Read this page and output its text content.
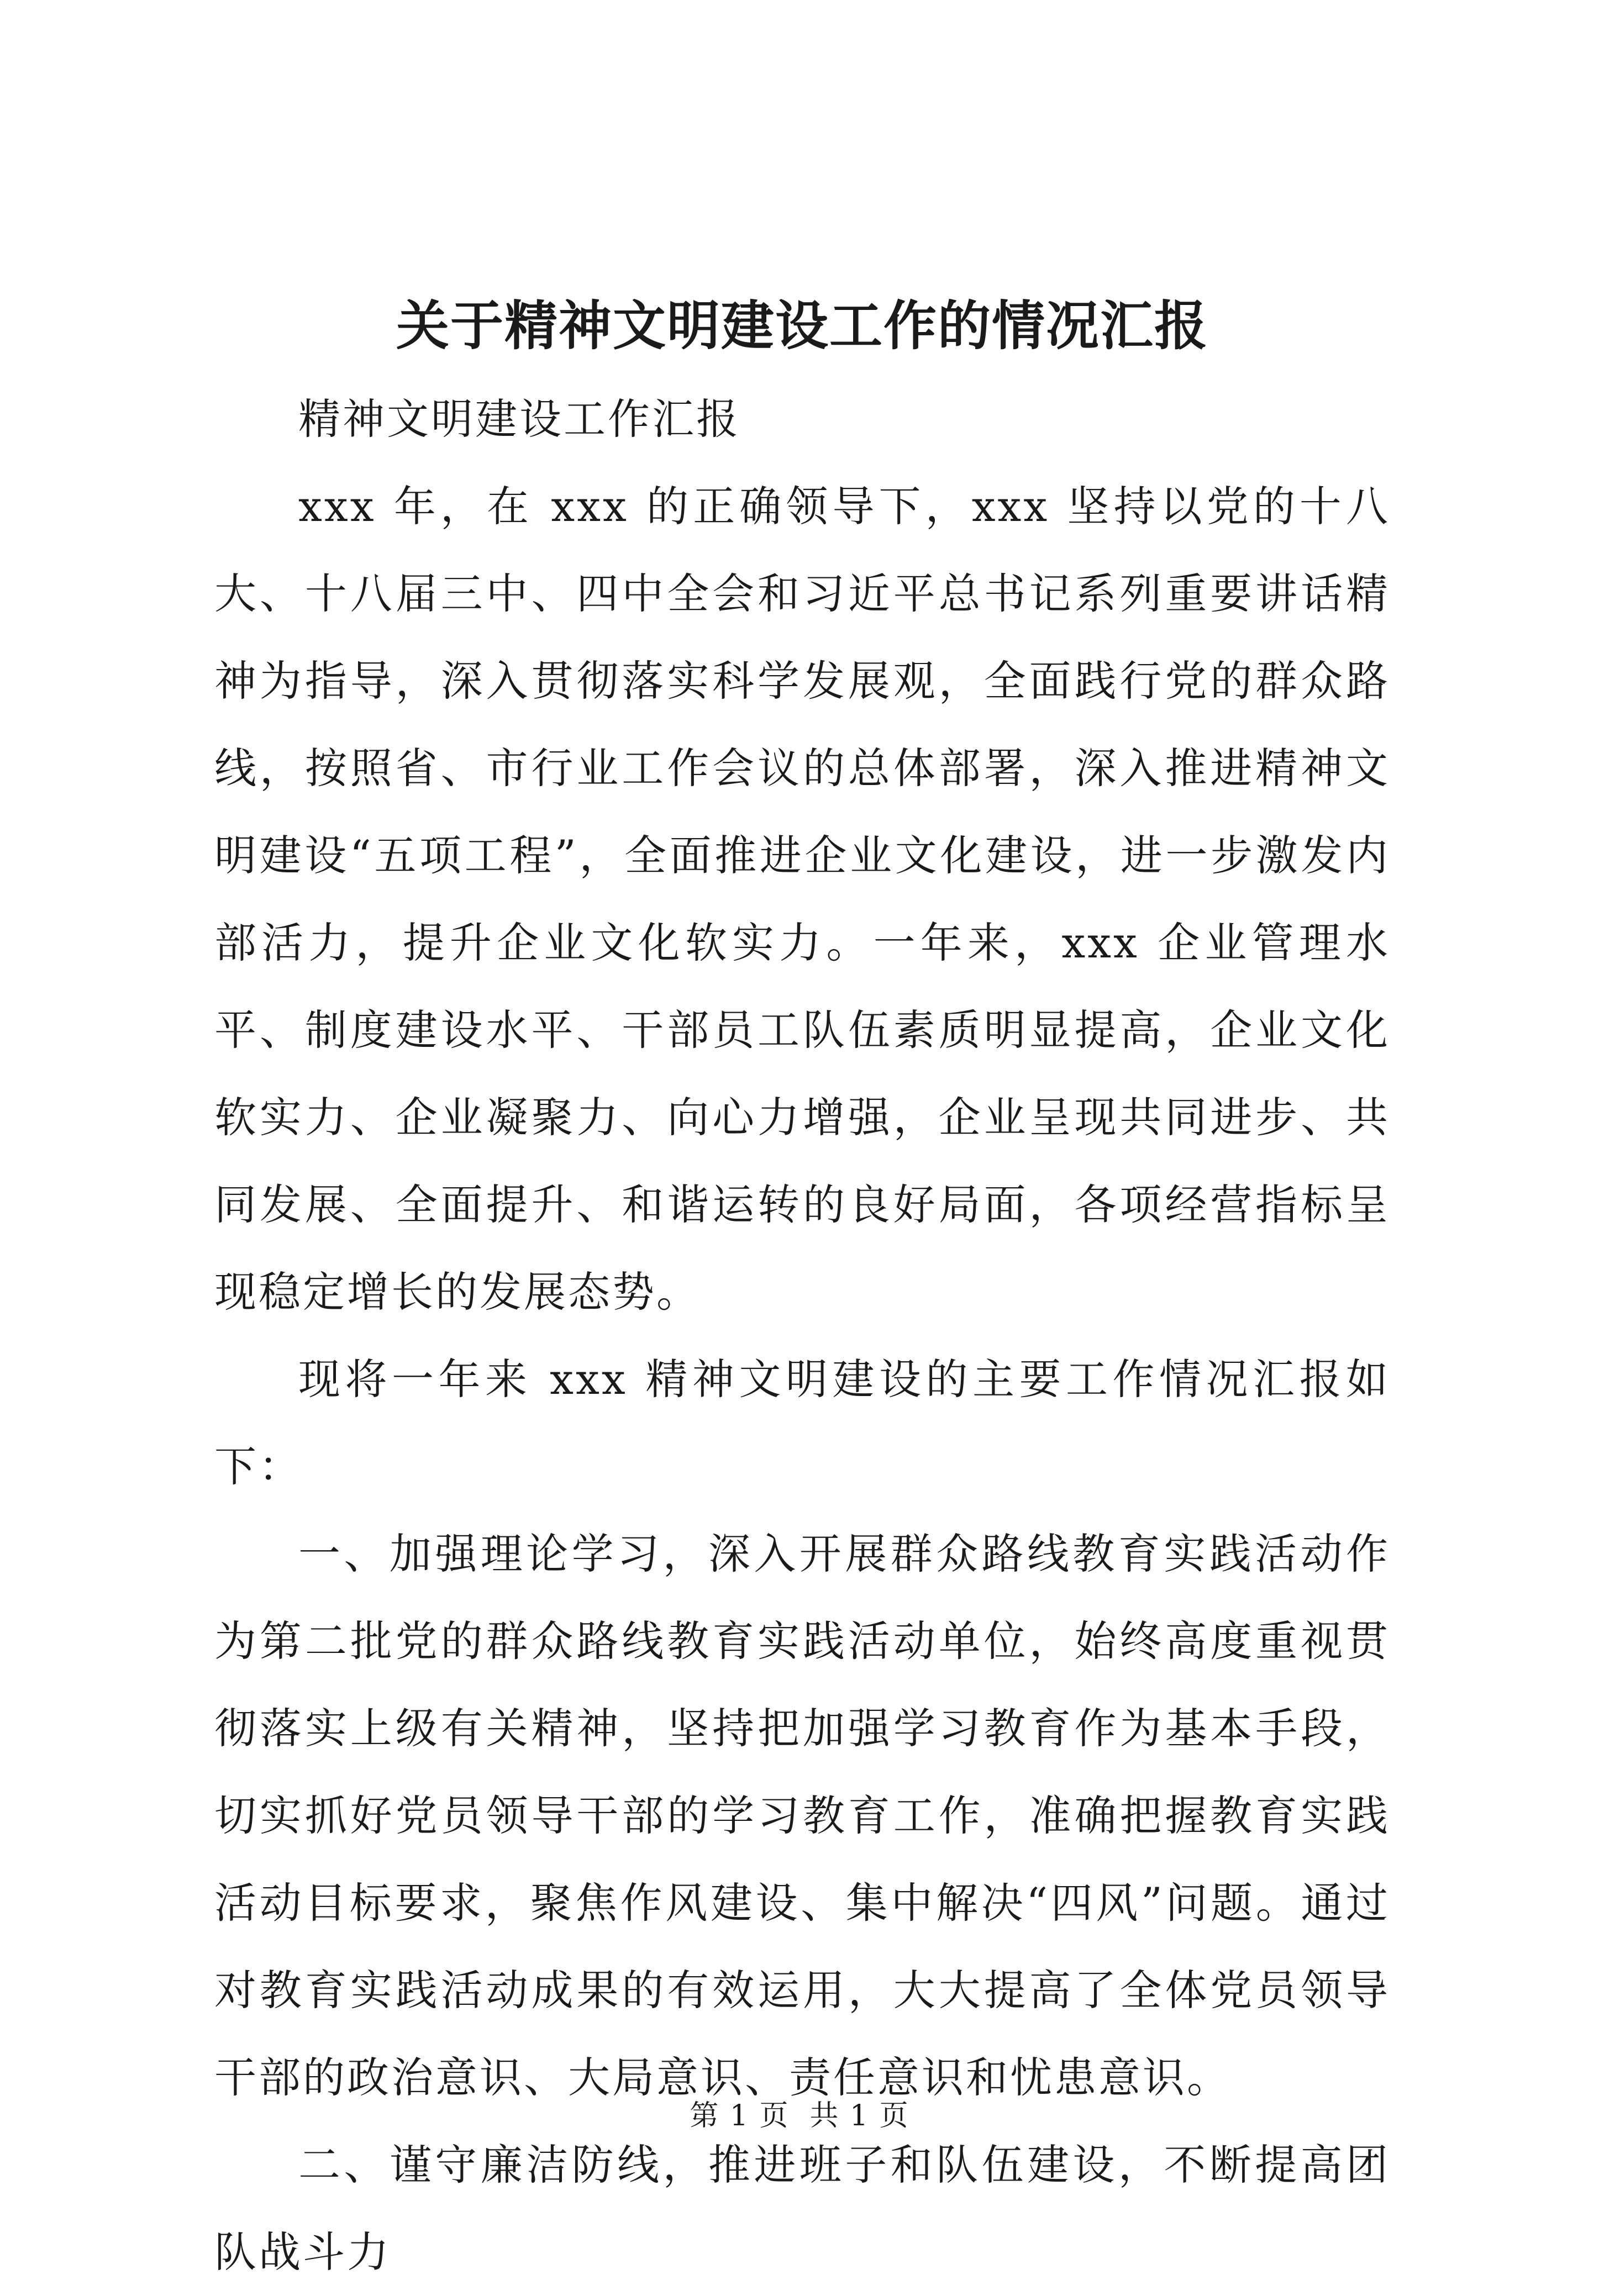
关于精神文明建设工作的情况汇报

精神文明建设工作汇报

xxx 年，在 xxx 的正确领导下，xxx 坚持以党的十八大、十八届三中、四中全会和习近平总书记系列重要讲话精神为指导，深入贯彻落实科学发展观，全面践行党的群众路线，按照省、市行业工作会议的总体部署，深入推进精神文明建设“五项工程”，全面推进企业文化建设，进一步激发内部活力，提升企业文化软实力。一年来，xxx 企业管理水平、制度建设水平、干部员工队伍素质明显提高，企业文化软实力、企业凝聚力、向心力增强，企业呈现共同进步、共同发展、全面提升、和谐运转的良好局面，各项经营指标呈现稳定增长的发展态势。

现将一年来 xxx 精神文明建设的主要工作情况汇报如下：

一、加强理论学习，深入开展群众路线教育实践活动作为第二批党的群众路线教育实践活动单位，始终高度重视贯彻落实上级有关精神，坚持把加强学习教育作为基本手段，切实抓好党员领导干部的学习教育工作，准确把握教育实践活动目标要求，聚焦作风建设、集中解决“四风”问题。通过对教育实践活动成果的有效运用，大大提高了全体党员领导干部的政治意识、大局意识、责任意识和忧患意识。

二、谨守廉洁防线，推进班子和队伍建设，不断提高团队战斗力

第 1 页  共 1 页
